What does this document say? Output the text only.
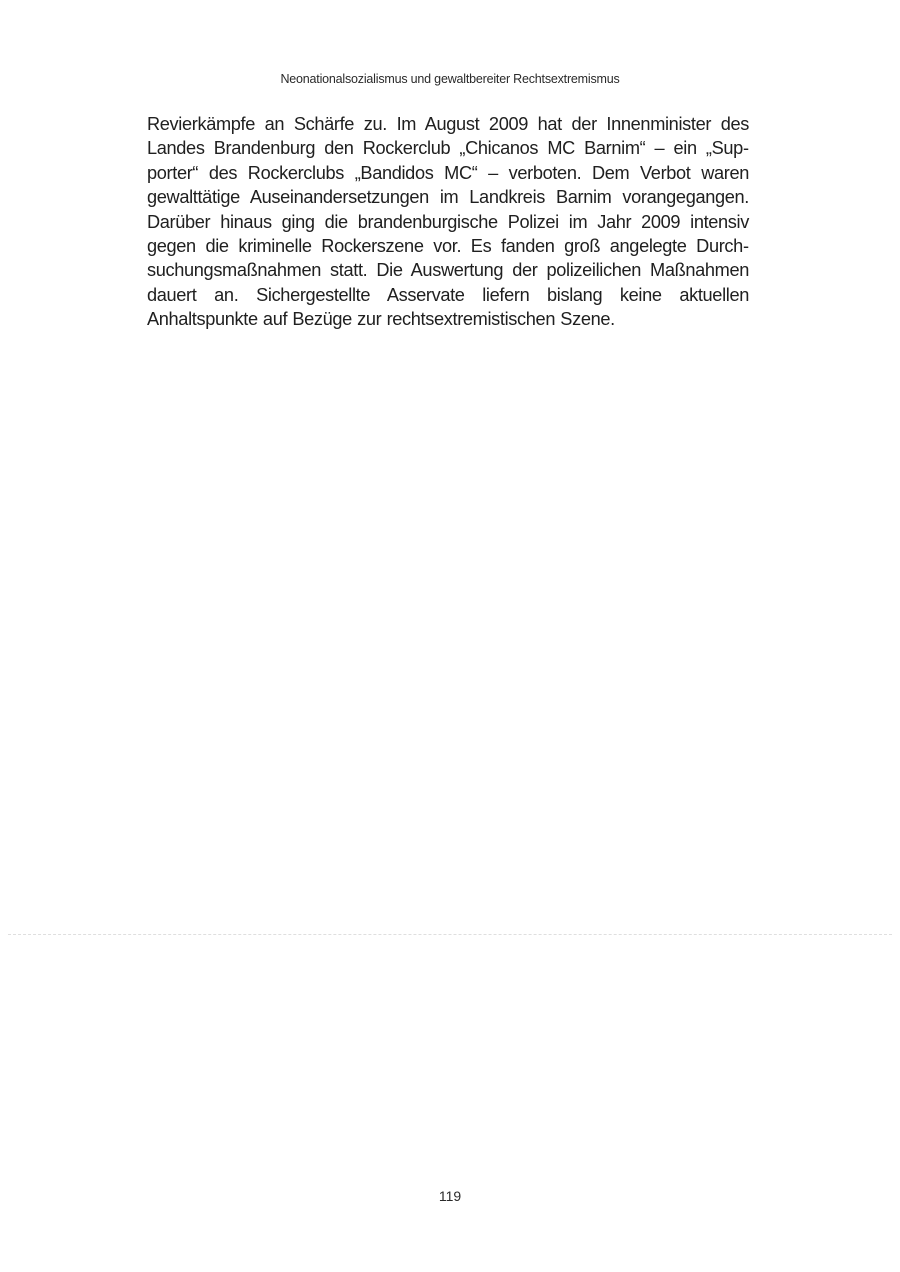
Neonationalsozialismus und gewaltbereiter Rechtsextremismus

Revierkämpfe an Schärfe zu. Im August 2009 hat der Innenminister des Landes Brandenburg den Rockerclub „Chicanos MC Barnim“ – ein „Supporter“ des Rockerclubs „Bandidos MC“ – verboten. Dem Verbot waren gewalttätige Auseinandersetzungen im Landkreis Barnim vorangegangen. Darüber hinaus ging die brandenburgische Polizei im Jahr 2009 intensiv gegen die kriminelle Rockerszene vor. Es fanden groß angelegte Durchsuchungsmaßnahmen statt. Die Auswertung der polizeilichen Maßnahmen dauert an. Sichergestellte Asservate liefern bislang keine aktuellen Anhaltspunkte auf Bezüge zur rechtsextremistischen Szene.

119
